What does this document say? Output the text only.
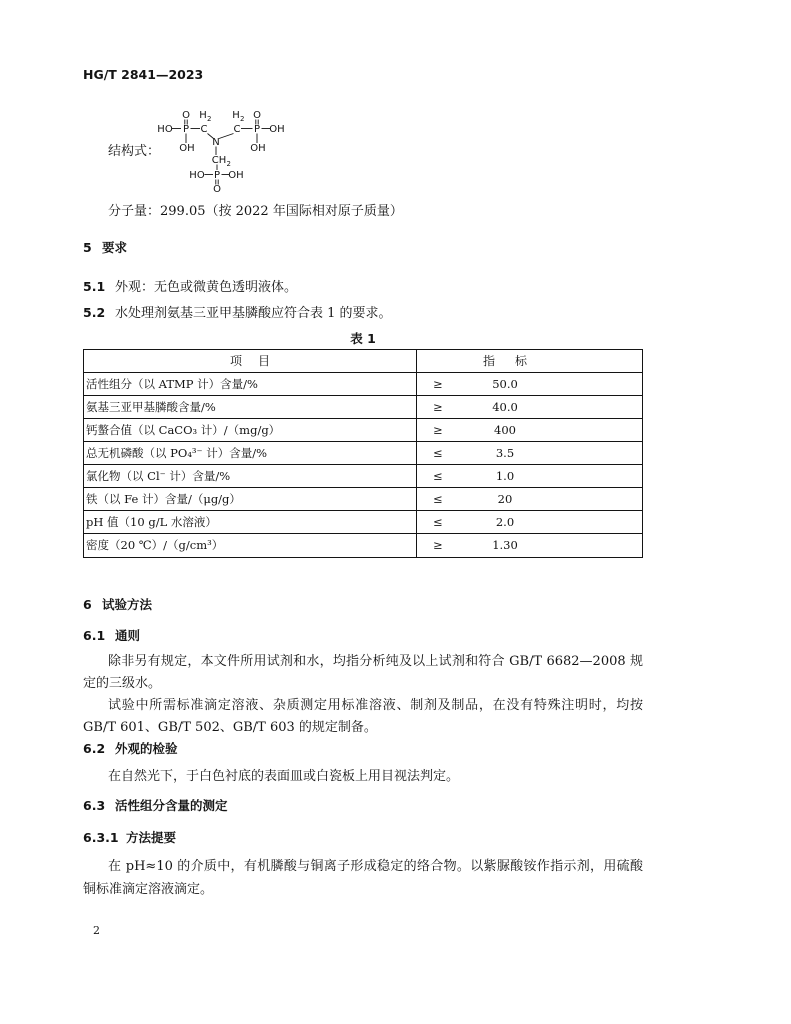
HG/T 2841—2023
结构式：
O H 2 H 2 O
HO P C
N
C P OH
OH	OH
CH 2
HO P OH
O
分子量：299.05（按 2022 年国际相对原子质量）
5 要求
5.1 外观：无色或微黄色透明液体。
5.2 水处理剂氨基三亚甲基膦酸应符合表 1 的要求。
表 1
项目	指标
活性组分（以 ATMP 计）含量/%	≥	50.0
氨基三亚甲基膦酸含量/%	≥	40.0
钙螯合值（以 CaCO₃ 计）/（mg/g）	≥	400
总无机磷酸（以 PO₄³⁻ 计）含量/%	≤	3.5
氯化物（以 Cl⁻ 计）含量/%	≤	1.0
铁（以 Fe 计）含量/（μg/g）	≤	20
pH 值（10 g/L 水溶液）	≤	2.0
密度（20 ℃）/（g/cm³）	≥	1.30
6 试验方法
6.1 通则

除非另有规定，本文件所用试剂和水，均指分析纯及以上试剂和符合 GB/T 6682—2008 规定的三级水。

试验中所需标准滴定溶液、杂质测定用标准溶液、制剂及制品，在没有特殊注明时，均按 GB/T 601、GB/T 502、GB/T 603 的规定制备。

6.2 外观的检验

在自然光下，于白色衬底的表面皿或白瓷板上用目视法判定。

6.3 活性组分含量的测定
6.3.1 方法提要

在 pH≈10 的介质中，有机膦酸与铜离子形成稳定的络合物。以紫脲酸铵作指示剂，用硫酸铜标准滴定溶液滴定。

2
